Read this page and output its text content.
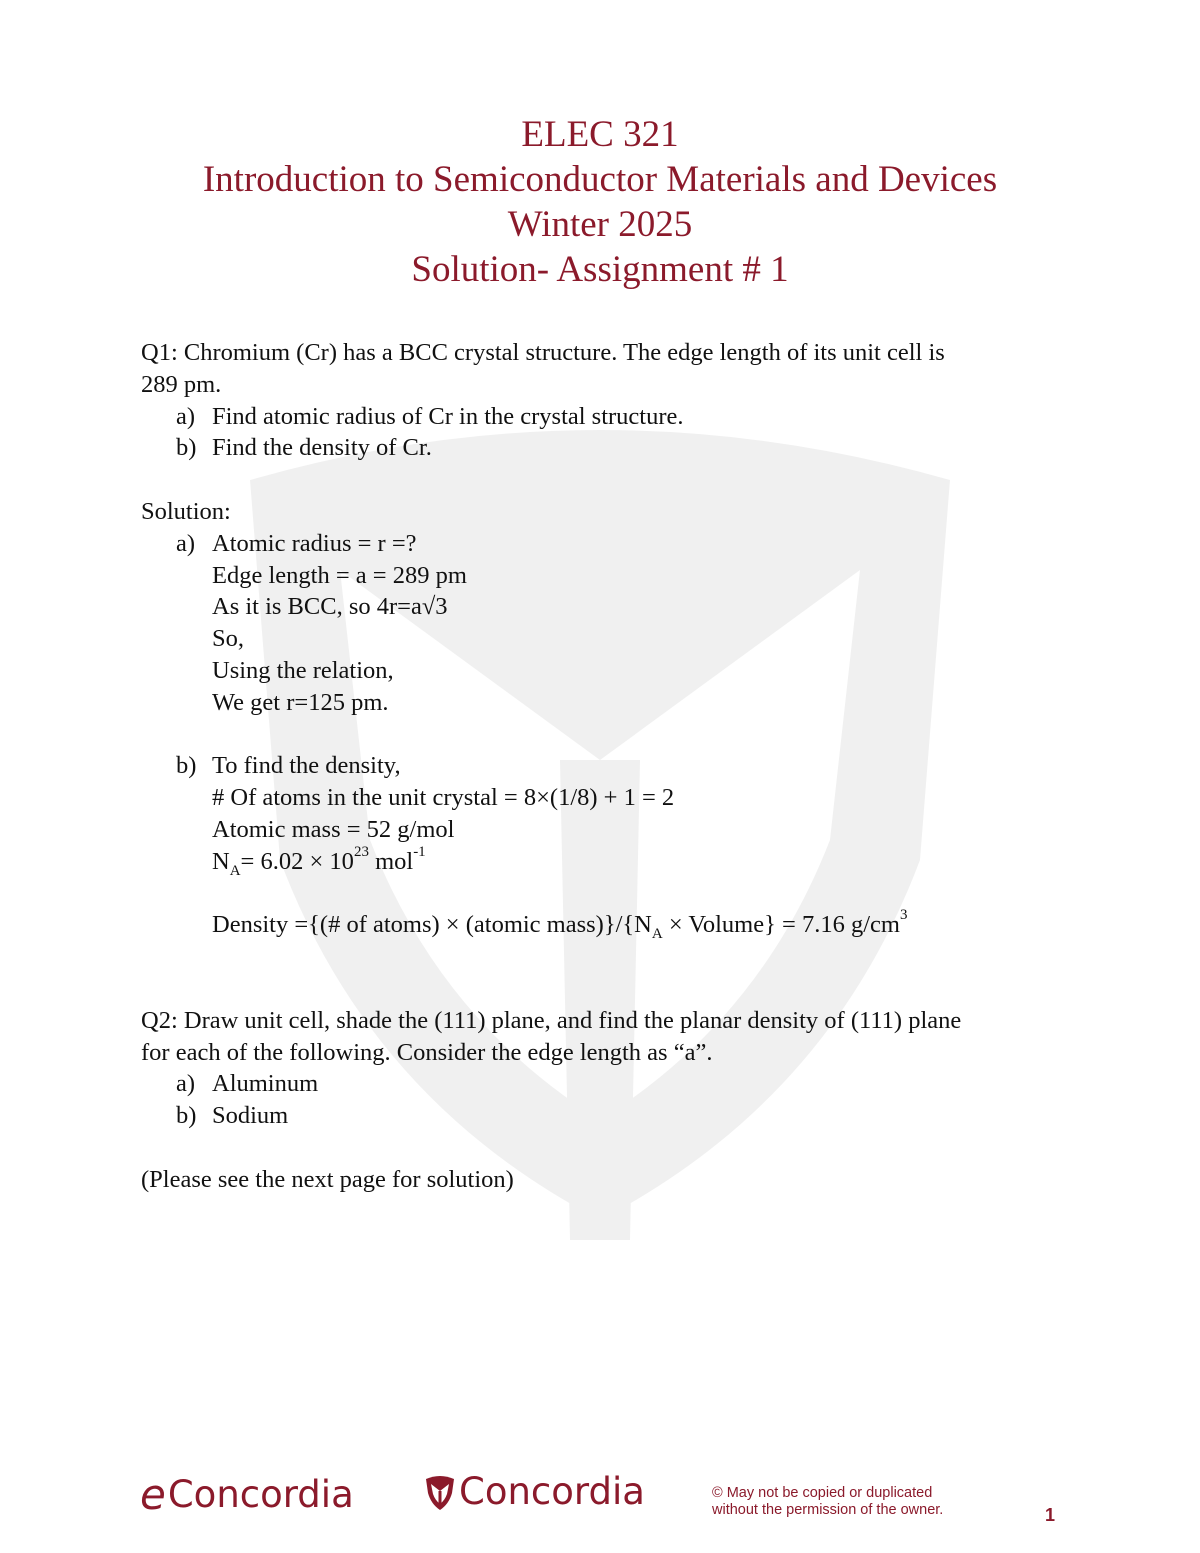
ELEC 321
Introduction to Semiconductor Materials and Devices
Winter 2025
Solution- Assignment # 1

Q1: Chromium (Cr) has a BCC crystal structure. The edge length of its unit cell is

289 pm.

a) Find atomic radius of Cr in the crystal structure.
b) Find the density of Cr.

Solution:

a) Atomic radius = r =?

Edge length = a = 289 pm

As it is BCC, so 4r=a√3

So,

Using the relation,

We get r=125 pm.

b) To find the density,

# Of atoms in the unit crystal = 8×(1/8) + 1 = 2

Atomic mass = 52 g/mol

$N_A= 6.02 \times 10^{23}$ mol$^{-1}$

Density ={(# of atoms) × (atomic $mass)\}/\{N_A$ × Volume} = 7.16 $g/cm^3$

Q2: Draw unit cell, shade the (111) plane, and find the planar density of (111) plane

for each of the following. Consider the edge length as “a”.

a) Aluminum
b) Sodium

(Please see the next page for solution)

e Concordia	Concordia	© May not be copied or duplicated
without the permission of the owner.	1
